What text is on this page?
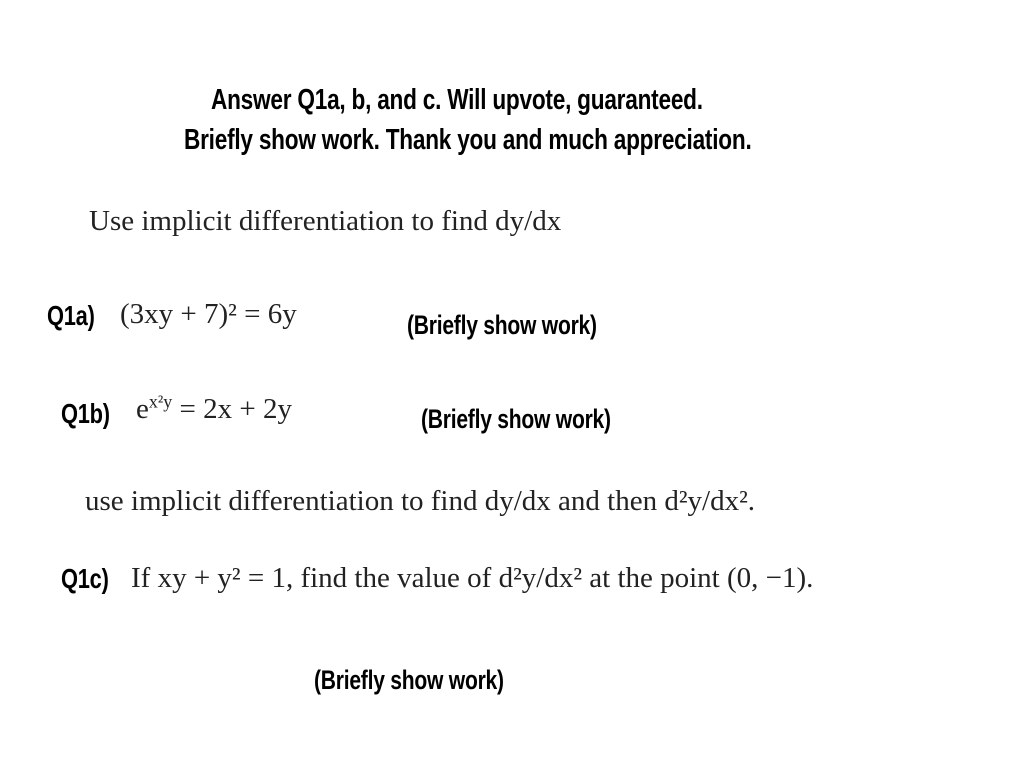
Answer Q1a, b, and c. Will upvote, guaranteed.
Briefly show work. Thank you and much appreciation.
Use implicit differentiation to find dy/dx
Q1a) (3xy + 7)² = 6y	(Briefly show work)
Q1b) $e^{x^2y} = 2x + 2y$	(Briefly show work)
use implicit differentiation to find dy/dx and then d²y/dx².
Q1c) If xy + y² = 1, find the value of d²y/dx² at the point (0, −1).
(Briefly show work)
